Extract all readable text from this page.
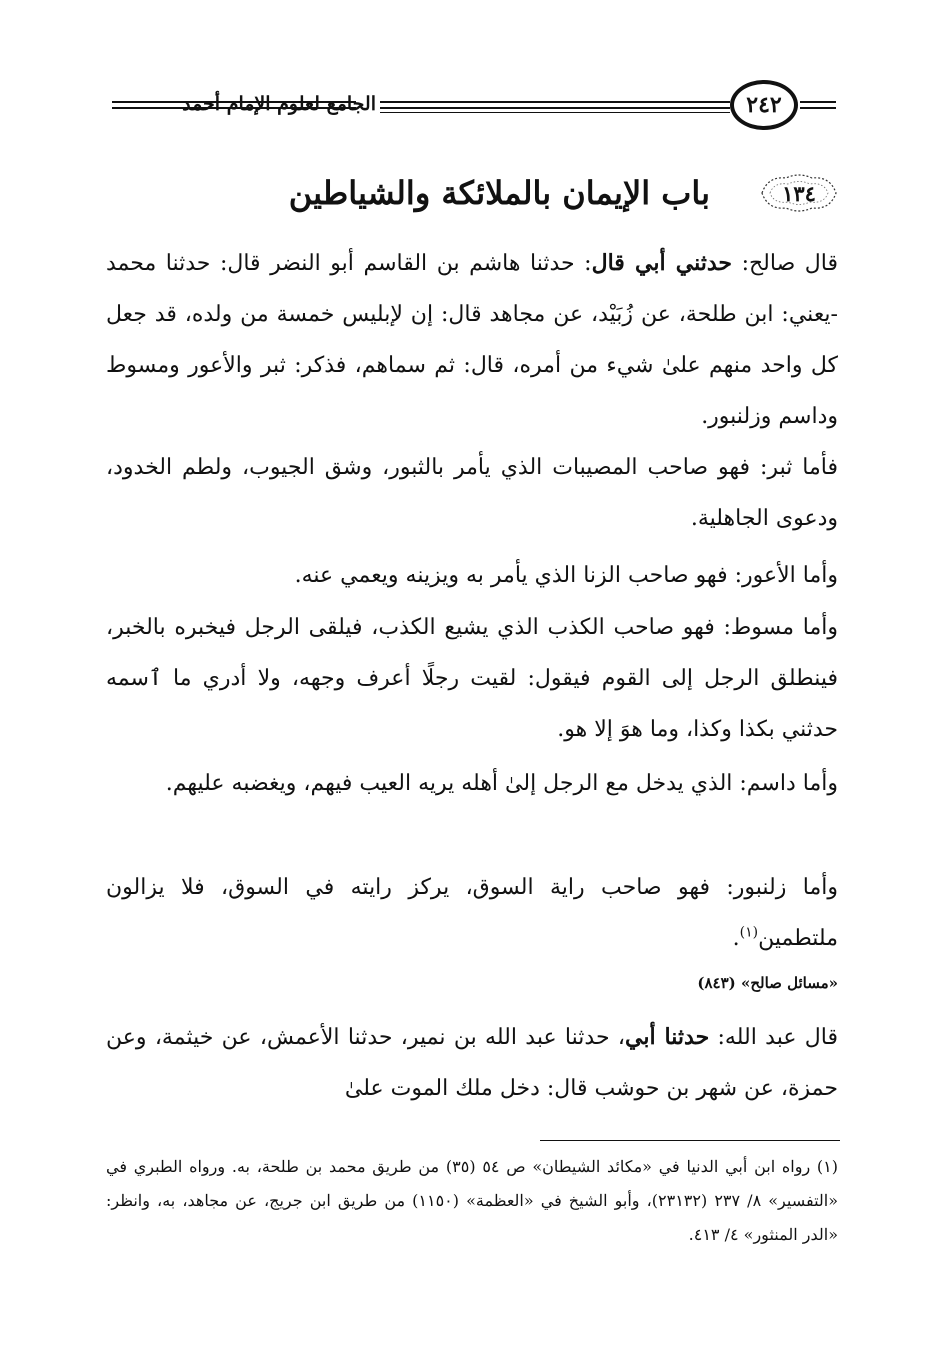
الجامع لعلوم الإمام أحمد	٢٤٢
باب الإيمان بالملائكة والشياطين	١٣٤

قال صالح: حدثني أبي قال: حدثنا هاشم بن القاسم أبو النضر قال: حدثنا محمد -يعني: ابن طلحة، عن زُبَيْد، عن مجاهد قال: إن لإبليس خمسة من ولده، قد جعل كل واحد منهم علىٰ شيء من أمره، قال: ثم سماهم، فذكر: ثبر والأعور ومسوط وداسم وزلنبور.

فأما ثبر: فهو صاحب المصيبات الذي يأمر بالثبور، وشق الجيوب، ولطم الخدود، ودعوى الجاهلية.

وأما الأعور: فهو صاحب الزنا الذي يأمر به ويزينه ويعمي عنه.

وأما مسوط: فهو صاحب الكذب الذي يشيع الكذب، فيلقى الرجل فيخبره بالخبر، فينطلق الرجل إلى القوم فيقول: لقيت رجلًا أعرف وجهه، ولا أدري ما ٱسمه حدثني بكذا وكذا، وما هوَ إلا هو.

وأما داسم: الذي يدخل مع الرجل إلىٰ أهله يريه العيب فيهم، ويغضبه عليهم.

وأما زلنبور: فهو صاحب راية السوق، يركز رايته في السوق، فلا يزالون ملتطمين$^{(١)}$.

«مسائل صالح» (٨٤٣)

قال عبد الله: حدثنا أبي، حدثنا عبد الله بن نمير، حدثنا الأعمش، عن خيثمة، وعن حمزة، عن شهر بن حوشب قال: دخل ملك الموت علىٰ

(١) رواه ابن أبي الدنيا في «مكائد الشيطان» ص ٥٤ (٣٥) من طريق محمد بن طلحة، به. ورواه الطبري في «التفسير» ٨/ ٢٣٧ (٢٣١٣٢)، وأبو الشيخ في «العظمة» (١١٥٠) من طريق ابن جريج، عن مجاهد، به، وانظر: «الدر المنثور» ٤/ ٤١٣.
